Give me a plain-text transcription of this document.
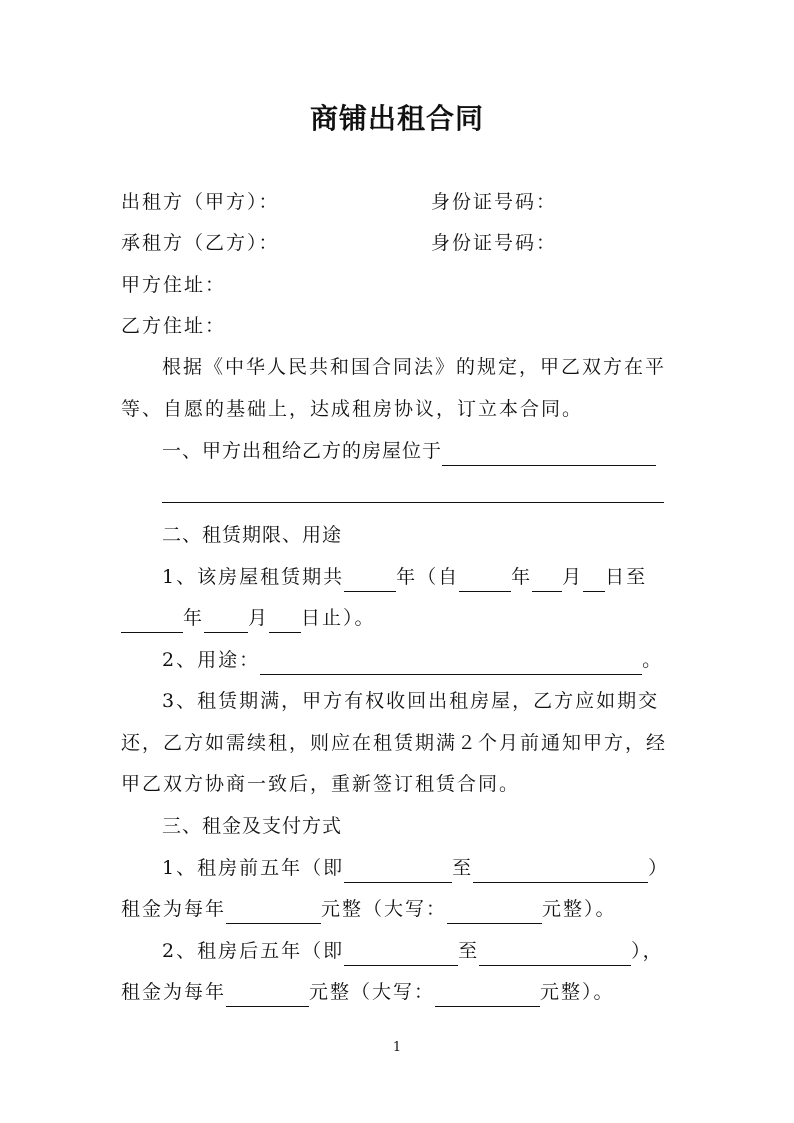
商铺出租合同
出租方（甲方）：	身份证号码：
承租方（乙方）：	身份证号码：
甲方住址：
乙方住址：
根据《中华人民共和国合同法》的规定，甲乙双方在平
等、自愿的基础上，达成租房协议，订立本合同。
一、甲方出租给乙方的房屋位于
二、租赁期限、用途
1、该房屋租赁期共	年（自	年 月 日至
年 月 日止）。
2、用途：	。
3、租赁期满，甲方有权收回出租房屋，乙方应如期交
还，乙方如需续租，则应在租赁期满２个月前通知甲方，经
甲乙双方协商一致后，重新签订租赁合同。
三、租金及支付方式
1、租房前五年（即	至	）
租金为每年	元整（大写：	元整）。
2、租房后五年（即	至	），
租金为每年	元整（大写：	元整）。
1
